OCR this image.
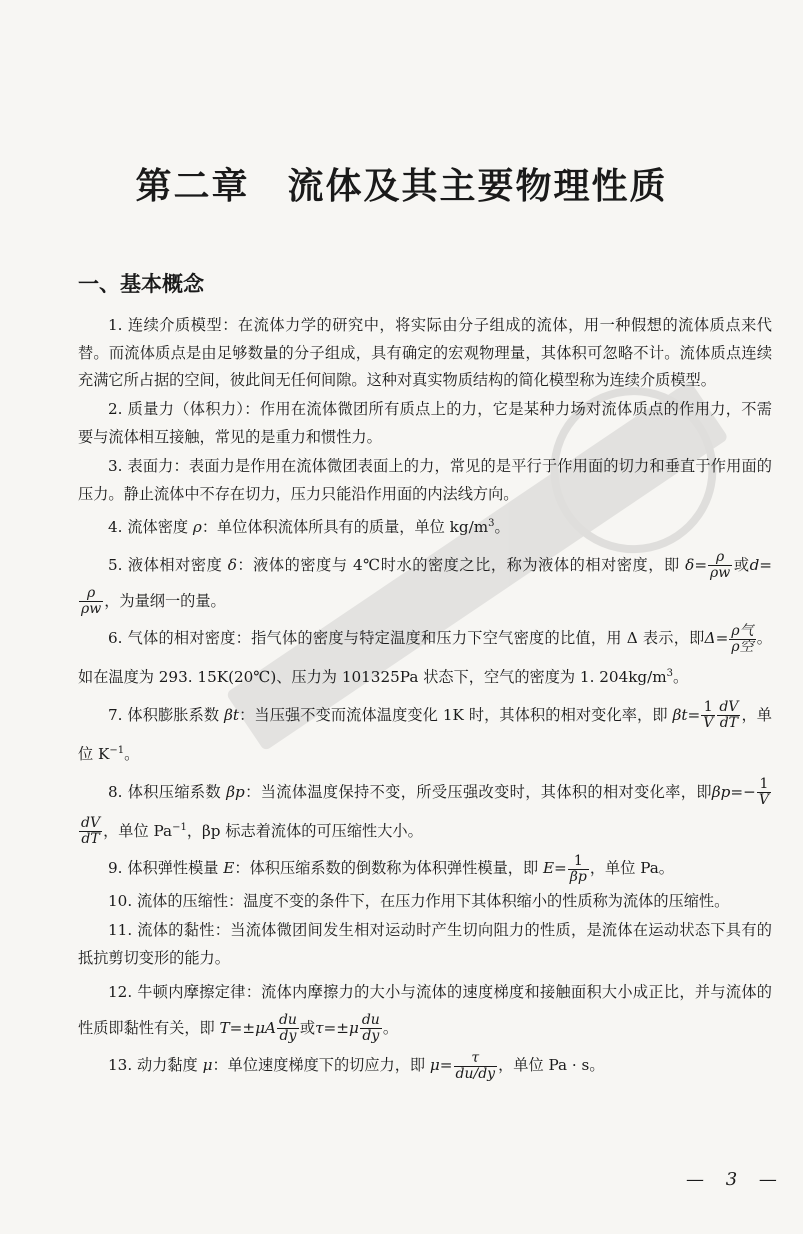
第二章 流体及其主要物理性质
一、基本概念

1. 连续介质模型：在流体力学的研究中，将实际由分子组成的流体，用一种假想的流体质点来代替。而流体质点是由足够数量的分子组成，具有确定的宏观物理量，其体积可忽略不计。流体质点连续充满它所占据的空间，彼此间无任何间隙。这种对真实物质结构的简化模型称为连续介质模型。

2. 质量力（体积力）：作用在流体微团所有质点上的力，它是某种力场对流体质点的作用力，不需要与流体相互接触，常见的是重力和惯性力。

3. 表面力：表面力是作用在流体微团表面上的力，常见的是平行于作用面的切力和垂直于作用面的压力。静止流体中不存在切力，压力只能沿作用面的内法线方向。

4. 流体密度 ρ：单位体积流体所具有的质量，单位 $kg/m^3$。

5. 液体相对密度 δ：液体的密度与 4℃时水的密度之比，称为液体的相对密度，即 $\delta= \frac{\rho}{\rho w}$ 或d=
$\frac{\rho}{\rho w}$ ，为量纲一的量。

6. 气体的相对密度：指气体的密度与特定温度和压力下空气密度的比值，用 Δ 表示，即$\Delta= \frac{\text{ρ气}}{\text{ρ空}}$ 。如在温度为 293. 15K(20℃)、压力为 101325Pa 状态下，空气的密度为 1. $204kg/m^3$。

7. 体积膨胀系数 βt：当压强不变而流体温度变化 1K 时，其体积的相对变化率，即 $\beta t= \frac{1}{V} \frac{dV}{dT}$ ，单位 $K^{-1}$。

8. 体积压缩系数 βp：当流体温度保持不变，所受压强改变时，其体积的相对变化率，即$\beta p=- \frac{1}{V}$
$\frac{dV}{dT}$ ，单位 $Pa^{-1}$，βp 标志着流体的可压缩性大小。

9. 体积弹性模量 E：体积压缩系数的倒数称为体积弹性模量，即 $E= \frac{1}{\beta p}$ ，单位 Pa。

10. 流体的压缩性：温度不变的条件下，在压力作用下其体积缩小的性质称为流体的压缩性。

11. 流体的黏性：当流体微团间发生相对运动时产生切向阻力的性质，是流体在运动状态下具有的抵抗剪切变形的能力。

12. 牛顿内摩擦定律：流体内摩擦力的大小与流体的速度梯度和接触面积大小成正比，并与流体的性质即黏性有关，即 $T=\pm\mu A \frac{du}{dy}$ 或$\tau=\pm\mu \frac{du}{dy}$ 。

13. 动力黏度 μ：单位速度梯度下的切应力，即 $\mu= \frac{\tau}{du/dy}$ ，单位 Pa · s。

— 3 —
